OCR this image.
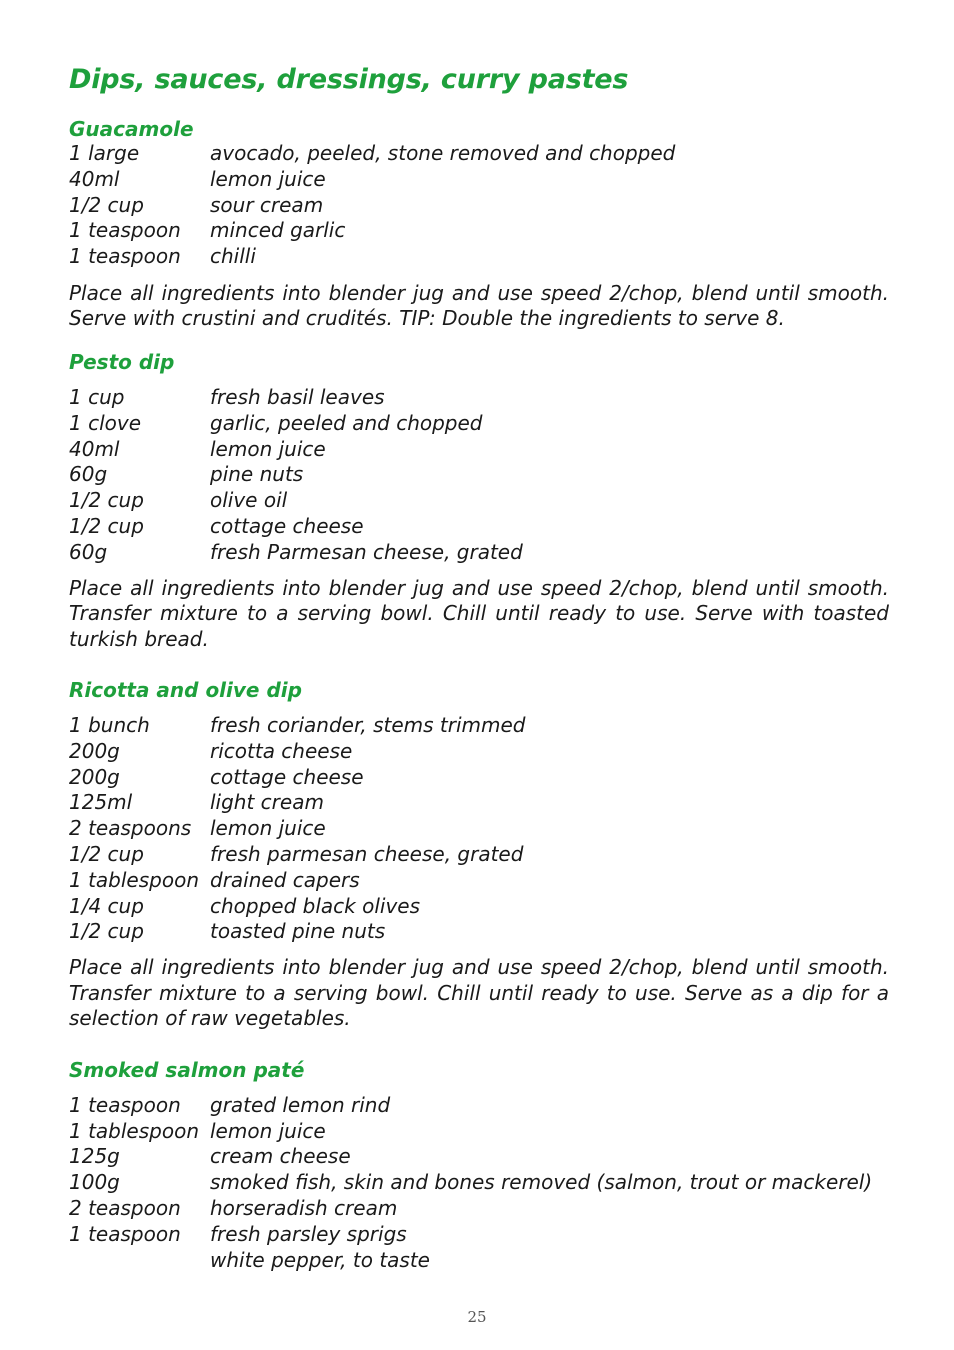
Dips, sauces, dressings, curry pastes
Guacamole
1 large	avocado, peeled, stone removed and chopped
40ml	lemon juice
1/2 cup	sour cream
1 teaspoon	minced garlic
1 teaspoon	chilli

Place all ingredients into blender jug and use speed 2/chop, blend until smooth. Serve with crustini and crudités. TIP: Double the ingredients to serve 8.

Pesto dip
1 cup	fresh basil leaves
1 clove	garlic, peeled and chopped
40ml	lemon juice
60g	pine nuts
1/2 cup	olive oil
1/2 cup	cottage cheese
60g	fresh Parmesan cheese, grated

Place all ingredients into blender jug and use speed 2/chop, blend until smooth. Transfer mixture to a serving bowl. Chill until ready to use. Serve with toasted turkish bread.

Ricotta and olive dip
1 bunch	fresh coriander, stems trimmed
200g	ricotta cheese
200g	cottage cheese
125ml	light cream
2 teaspoons lemon juice
1/2 cup	fresh parmesan cheese, grated
1 tablespoon drained capers
1/4 cup	chopped black olives
1/2 cup	toasted pine nuts

Place all ingredients into blender jug and use speed 2/chop, blend until smooth. Transfer mixture to a serving bowl. Chill until ready to use. Serve as a dip for a selection of raw vegetables.

Smoked salmon paté
1 teaspoon	grated lemon rind
1 tablespoon lemon juice
125g	cream cheese
100g	smoked fish, skin and bones removed (salmon, trout or mackerel)
2 teaspoon	horseradish cream
1 teaspoon	fresh parsley sprigs
white pepper, to taste
25
